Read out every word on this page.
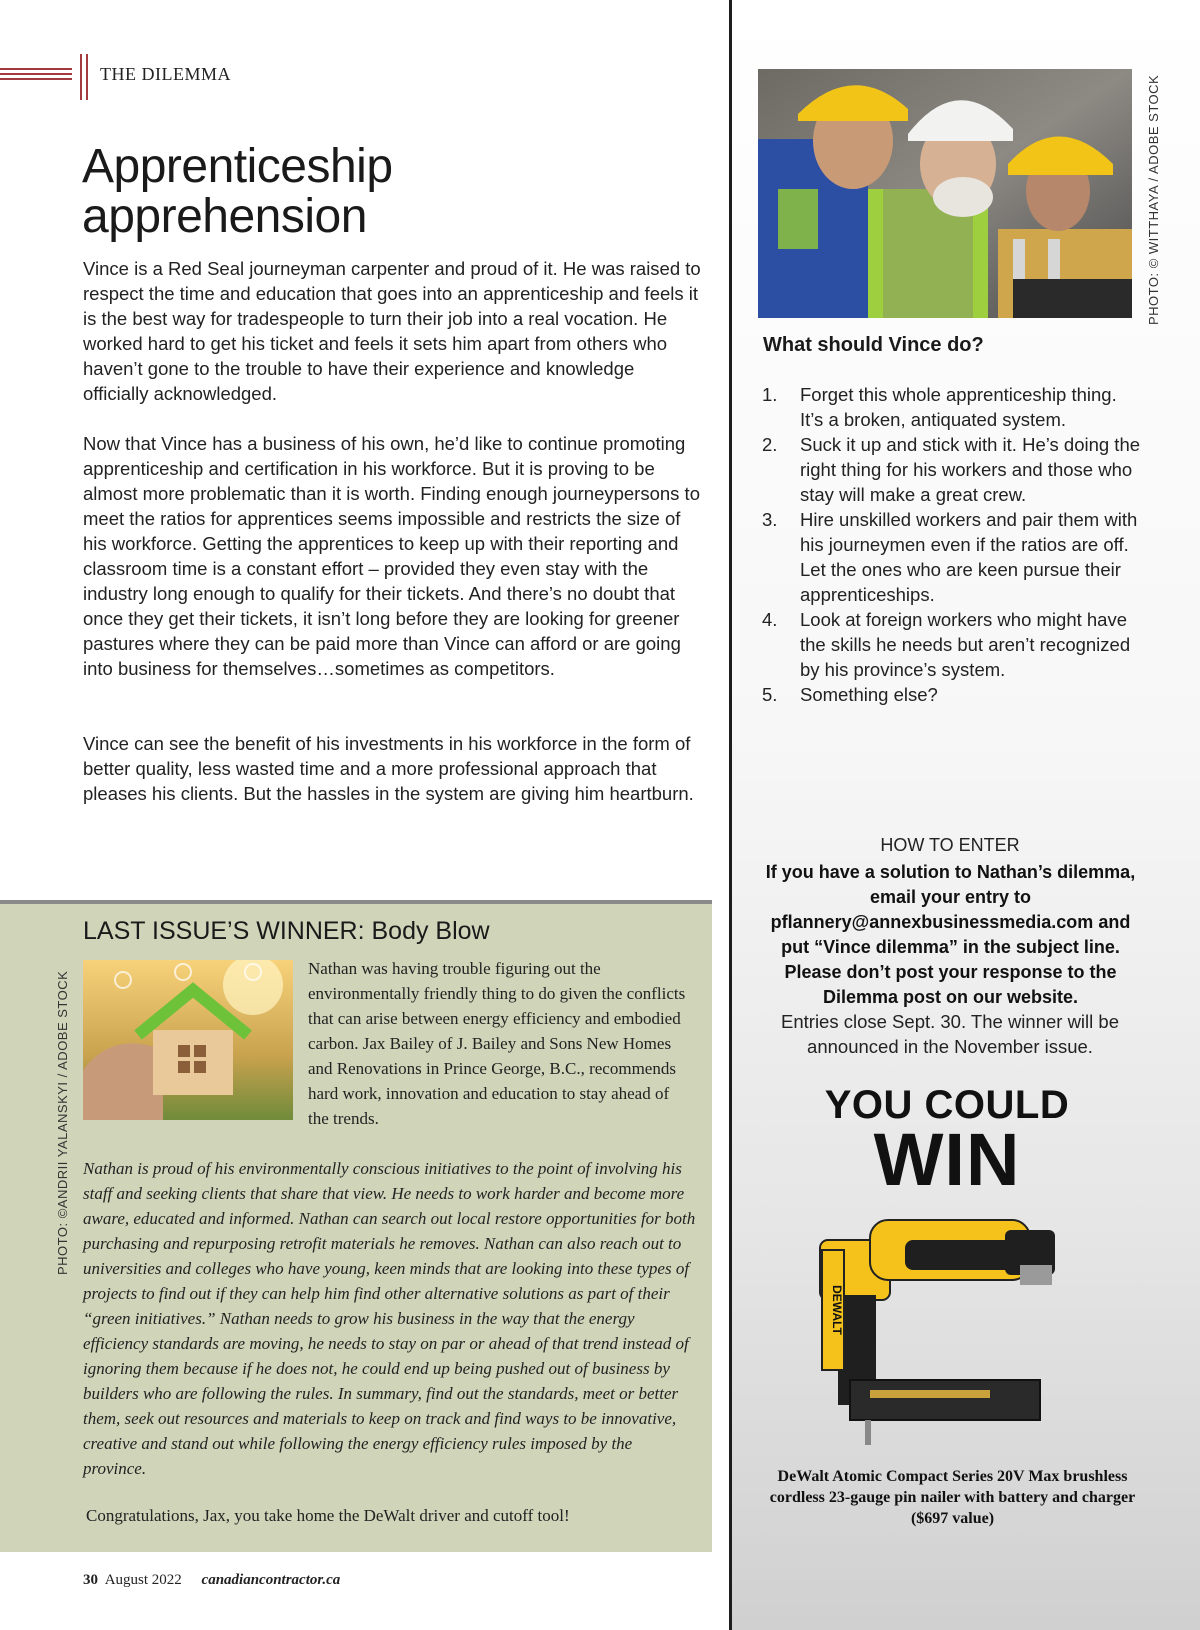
THE DILEMMA
Apprenticeship
apprehension

Vince is a Red Seal journeyman carpenter and proud of it. He was raised to respect the time and education that goes into an apprenticeship and feels it is the best way for tradespeople to turn their job into a real vocation. He worked hard to get his ticket and feels it sets him apart from others who haven’t gone to the trouble to have their experience and knowledge officially acknowledged.

Now that Vince has a business of his own, he’d like to continue promoting apprenticeship and certification in his workforce. But it is proving to be almost more problematic than it is worth. Finding enough journeypersons to meet the ratios for apprentices seems impossible and restricts the size of his workforce. Getting the apprentices to keep up with their reporting and classroom time is a constant effort – provided they even stay with the industry long enough to qualify for their tickets. And there’s no doubt that once they get their tickets, it isn’t long before they are looking for greener pastures where they can be paid more than Vince can afford or are going into business for themselves…sometimes as competitors.

Vince can see the benefit of his investments in his workforce in the form of better quality, less wasted time and a more professional approach that pleases his clients. But the hassles in the system are giving him heartburn.

PHOTO: © WITTHAYA / ADOBE STOCK
What should Vince do?
1. Forget this whole apprenticeship thing. It’s a broken, antiquated system.
2. Suck it up and stick with it. He’s doing the right thing for his workers and those who stay will make a great crew.
3. Hire unskilled workers and pair them with his journeymen even if the ratios are off. Let the ones who are keen pursue their apprenticeships.
4. Look at foreign workers who might have the skills he needs but aren’t recognized by his province’s system.
5. Something else?
HOW TO ENTER
If you have a solution to Nathan’s dilemma, email your entry to pflannery@annexbusinessmedia.com and put “Vince dilemma” in the subject line. Please don’t post your response to the Dilemma post on our website.
Entries close Sept. 30. The winner will be announced in the November issue.
YOU COULD
WIN
DEWALT
DeWalt Atomic Compact Series 20V Max brushless cordless 23-gauge pin nailer with battery and charger ($697 value)
PHOTO: ©ANDRII YALANSKYI / ADOBE STOCK
LAST ISSUE’S WINNER: Body Blow

Nathan was having trouble figuring out the environmentally friendly thing to do given the conflicts that can arise between energy efficiency and embodied carbon. Jax Bailey of J. Bailey and Sons New Homes and Renovations in Prince George, B.C., recommends hard work, innovation and education to stay ahead of the trends.

Nathan is proud of his environmentally conscious initiatives to the point of involving his staff and seeking clients that share that view. He needs to work harder and become more aware, educated and informed. Nathan can search out local restore opportunities for both purchasing and repurposing retrofit materials he removes. Nathan can also reach out to universities and colleges who have young, keen minds that are looking into these types of projects to find out if they can help him find other alternative solutions as part of their “green initiatives.” Nathan needs to grow his business in the way that the energy efficiency standards are moving, he needs to stay on par or ahead of that trend instead of ignoring them because if he does not, he could end up being pushed out of business by builders who are following the rules. In summary, find out the standards, meet or better them, seek out resources and materials to keep on track and find ways to be innovative, creative and stand out while following the energy efficiency rules imposed by the province.

Congratulations, Jax, you take home the DeWalt driver and cutoff tool!
30 August 2022 canadiancontractor.ca
